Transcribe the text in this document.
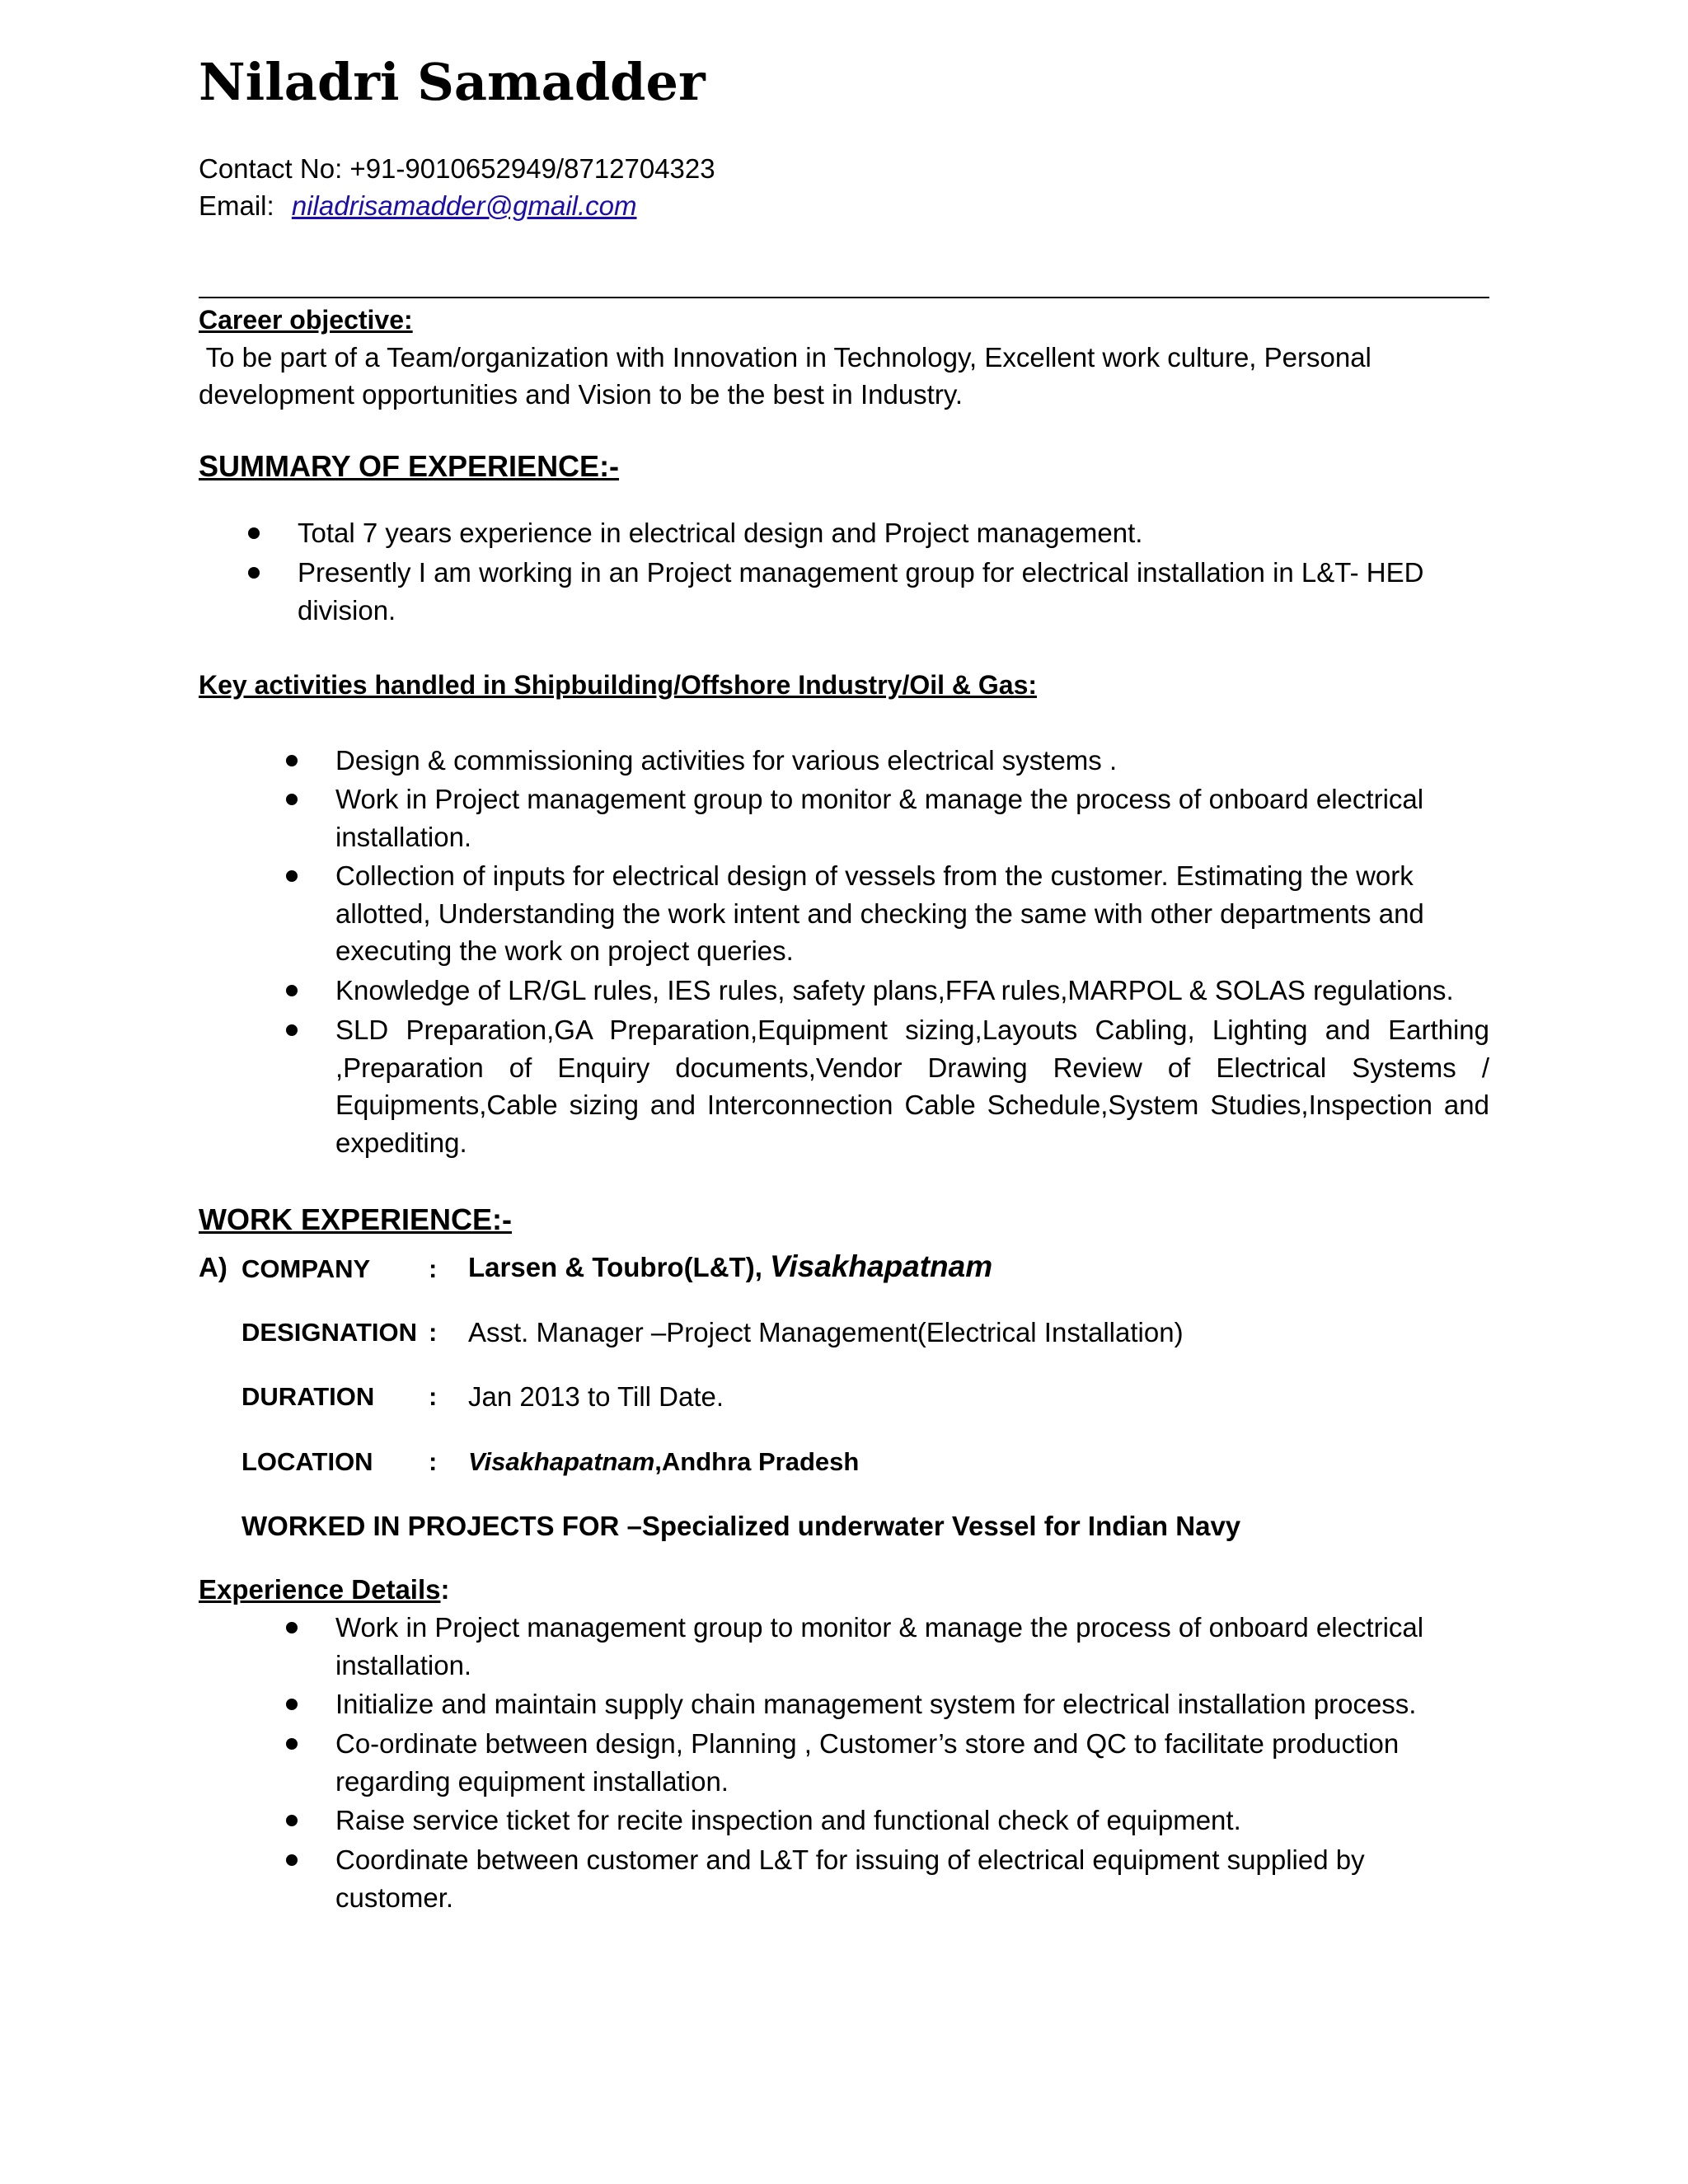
Niladri Samadder
Contact No: +91-9010652949/8712704323
Email: niladrisamadder@gmail.com
Career objective:
To be part of a Team/organization with Innovation in Technology, Excellent work culture, Personal
development opportunities and Vision to be the best in Industry.
SUMMARY OF EXPERIENCE:-
Total 7 years experience in electrical design and Project management.
Presently I am working in an Project management group for electrical installation in L&T- HED division.
Key activities handled in Shipbuilding/Offshore Industry/Oil & Gas:
Design & commissioning activities for various electrical systems .
Work in Project management group to monitor & manage the process of onboard electrical installation.
Collection of inputs for electrical design of vessels from the customer. Estimating the work allotted, Understanding the work intent and checking the same with other departments and executing the work on project queries.
Knowledge of LR/GL rules, IES rules, safety plans,FFA rules,MARPOL & SOLAS regulations.
SLD Preparation,GA Preparation,Equipment sizing,Layouts Cabling, Lighting and Earthing ,Preparation of Enquiry documents,Vendor Drawing Review of Electrical Systems / Equipments,Cable sizing and Interconnection Cable Schedule,System Studies,Inspection and expediting.
WORK EXPERIENCE:-
A) COMPANY : Larsen & Toubro(L&T), Visakhapatnam
DESIGNATION : Asst. Manager –Project Management(Electrical Installation)
DURATION : Jan 2013 to Till Date.
LOCATION : Visakhapatnam,Andhra Pradesh
WORKED IN PROJECTS FOR –Specialized underwater Vessel for Indian Navy
Experience Details:
Work in Project management group to monitor & manage the process of onboard electrical installation.
Initialize and maintain supply chain management system for electrical installation process.
Co-ordinate between design, Planning , Customer’s store and QC to facilitate production regarding equipment installation.
Raise service ticket for recite inspection and functional check of equipment.
Coordinate between customer and L&T for issuing of electrical equipment supplied by customer.
